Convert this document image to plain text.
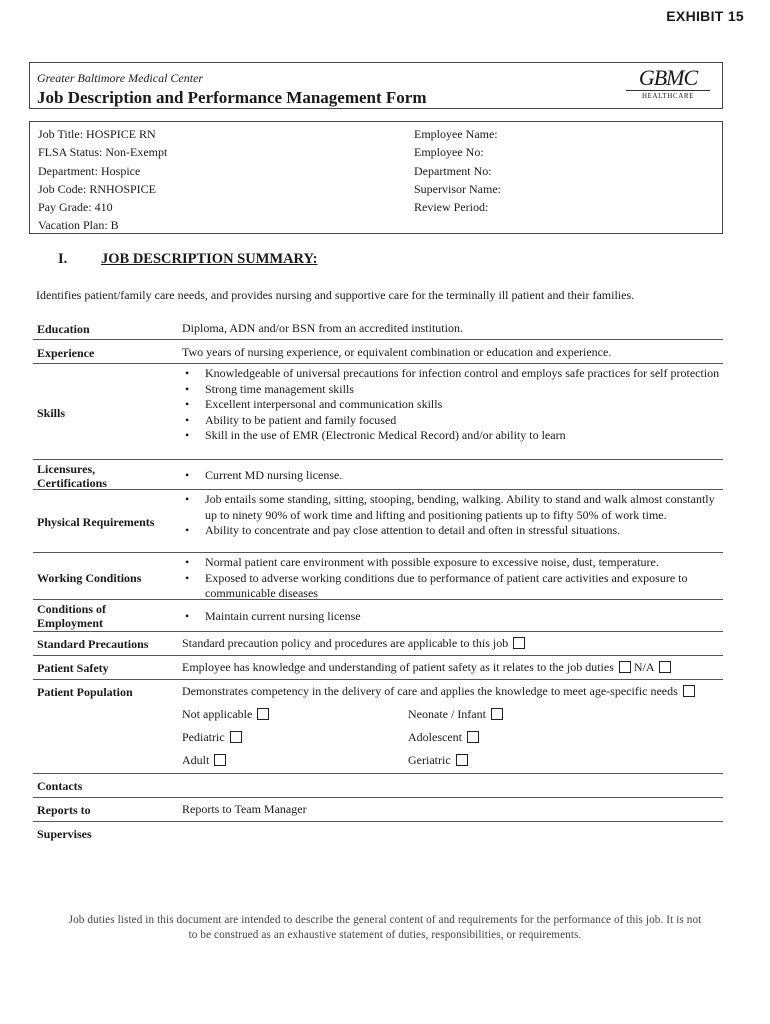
EXHIBIT 15
Greater Baltimore Medical Center
Job Description and Performance Management Form
GBMC
HEALTHCARE
Job Title: HOSPICE RN
FLSA Status: Non-Exempt
Department: Hospice
Job Code: RNHOSPICE
Pay Grade: 410
Vacation Plan: B
Employee Name:
Employee No:
Department No:
Supervisor Name:
Review Period:
I. JOB DESCRIPTION SUMMARY:
Identifies patient/family care needs, and provides nursing and supportive care for the terminally ill patient and their families.
Education	Diploma, ADN and/or BSN from an accredited institution.
Experience	Two years of nursing experience, or equivalent combination or education and experience.
Skills
• Knowledgeable of universal precautions for infection control and employs safe practices for self protection
• Strong time management skills
• Excellent interpersonal and communication skills
• Ability to be patient and family focused
• Skill in the use of EMR (Electronic Medical Record) and/or ability to learn
Licensures,
Certifications
• Current MD nursing license.
Physical Requirements
• Job entails some standing, sitting, stooping, bending, walking. Ability to stand and walk almost constantly up to ninety 90% of work time and lifting and positioning patients up to fifty 50% of work time.
• Ability to concentrate and pay close attention to detail and often in stressful situations.
Working Conditions
• Normal patient care environment with possible exposure to excessive noise, dust, temperature.
• Exposed to adverse working conditions due to performance of patient care activities and exposure to communicable diseases
Conditions of
Employment
•	Maintain current nursing license
Standard Precautions	Standard precaution policy and procedures are applicable to this job
Patient Safety	Employee has knowledge and understanding of patient safety as it relates to the job duties N/A
Patient Population	Demonstrates competency in the delivery of care and applies the knowledge to meet age-specific needs
Not applicable	Neonate / Infant
Pediatric	Adolescent
Adult	Geriatric
Contacts
Reports to	Reports to Team Manager
Supervises
Job duties listed in this document are intended to describe the general content of and requirements for the performance of this job. It is not
to be construed as an exhaustive statement of duties, responsibilities, or requirements.
